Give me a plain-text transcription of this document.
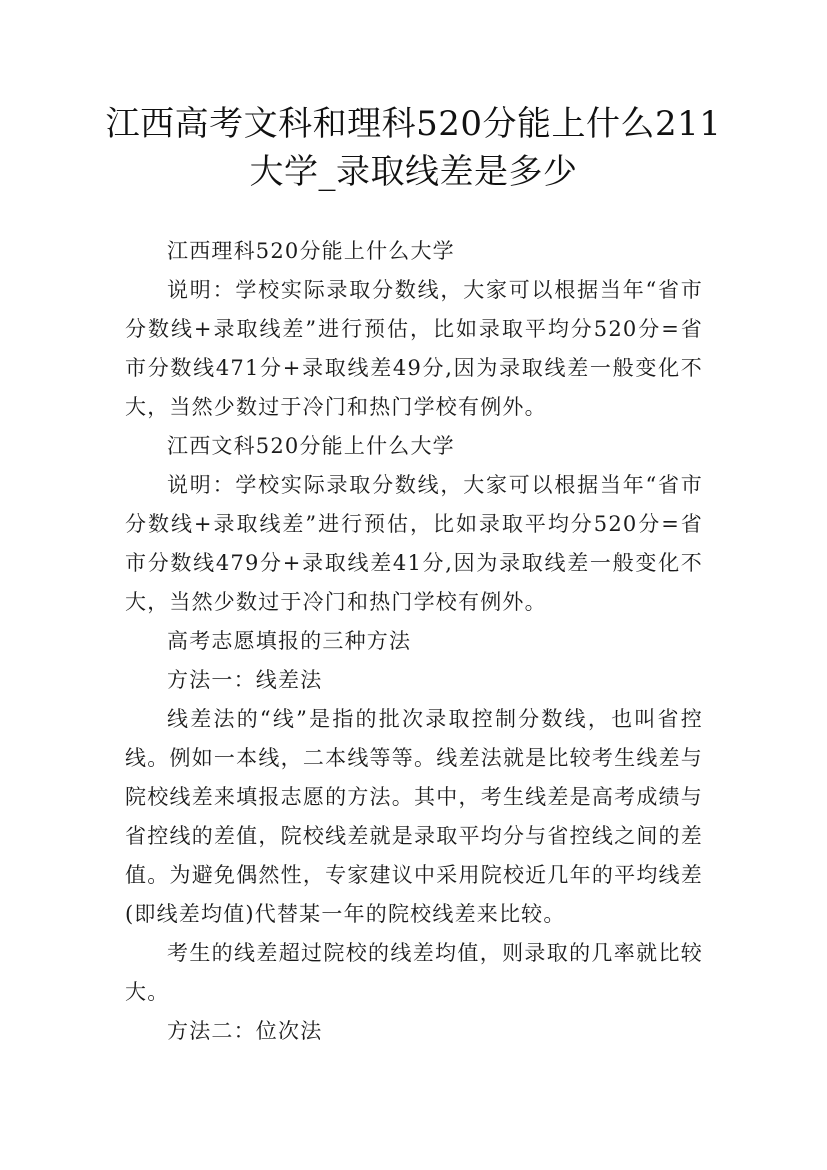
江西高考文科和理科520分能上什么211大学_录取线差是多少

江西理科520分能上什么大学

说明：学校实际录取分数线，大家可以根据当年“省市分数线+录取线差”进行预估，比如录取平均分520分=省市分数线471分+录取线差49分,因为录取线差一般变化不大，当然少数过于冷门和热门学校有例外。

江西文科520分能上什么大学

说明：学校实际录取分数线，大家可以根据当年“省市分数线+录取线差”进行预估，比如录取平均分520分=省市分数线479分+录取线差41分,因为录取线差一般变化不大，当然少数过于冷门和热门学校有例外。

高考志愿填报的三种方法

方法一：线差法

线差法的“线”是指的批次录取控制分数线，也叫省控线。例如一本线，二本线等等。线差法就是比较考生线差与院校线差来填报志愿的方法。其中，考生线差是高考成绩与省控线的差值，院校线差就是录取平均分与省控线之间的差值。为避免偶然性，专家建议中采用院校近几年的平均线差(即线差均值)代替某一年的院校线差来比较。

考生的线差超过院校的线差均值，则录取的几率就比较大。

方法二：位次法
